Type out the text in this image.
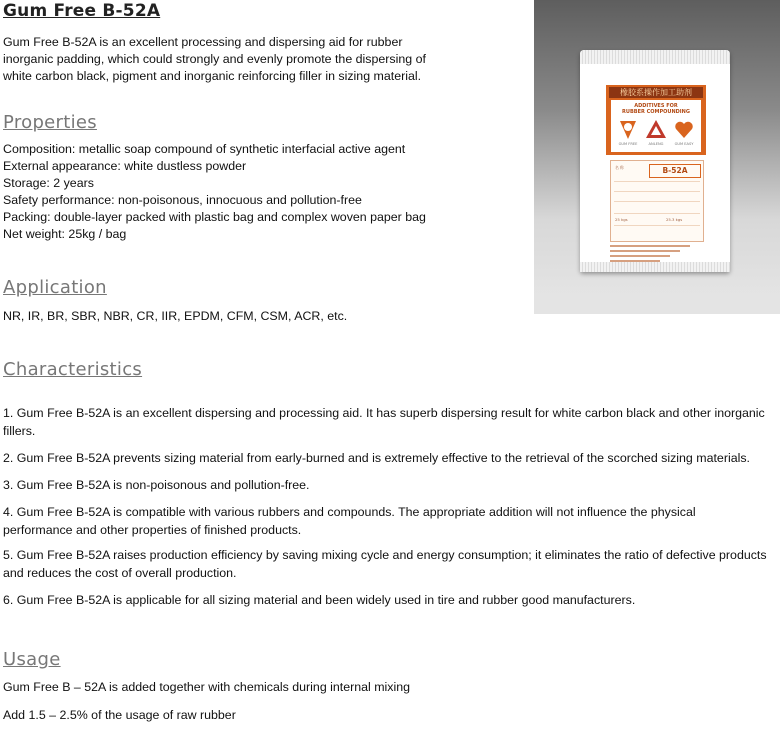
Gum Free B-52A

Gum Free B-52A is an excellent processing and dispersing aid for rubber
inorganic padding, which could strongly and evenly promote the dispersing of
white carbon black, pigment and inorganic reinforcing filler in sizing material.

Properties
Composition: metallic soap compound of synthetic interfacial active agent
External appearance: white dustless powder
Storage: 2 years
Safety performance: non-poisonous, innocuous and pollution-free
Packing: double-layer packed with plastic bag and complex woven paper bag
Net weight: 25kg / bag
Application

NR, IR, BR, SBR, NBR, CR, IIR, EPDM, CFM, CSM, ACR, etc.

Characteristics
1. Gum Free B-52A is an excellent dispersing and processing aid. It has superb dispersing result for white carbon black and other inorganic fillers.
2. Gum Free B-52A prevents sizing material from early-burned and is extremely effective to the retrieval of the scorched sizing materials.
3. Gum Free B-52A is non-poisonous and pollution-free.
4. Gum Free B-52A is compatible with various rubbers and compounds. The appropriate addition will not influence the physical performance and other properties of finished products.
5. Gum Free B-52A raises production efficiency by saving mixing cycle and energy consumption; it eliminates the ratio of defective products and reduces the cost of overall production.
6. Gum Free B-52A is applicable for all sizing material and been widely used in tire and rubber good manufacturers.
Usage

Gum Free B – 52A is added together with chemicals during internal mixing

Add 1.5 – 2.5% of the usage of raw rubber

橡胶系操作加工助剂
ADDITIVES FOR
RUBBER COMPOUNDING
GUM FREE	ANLENG	GUM EASY
B-52A
名 称
25 kgs	25.3 kgs
